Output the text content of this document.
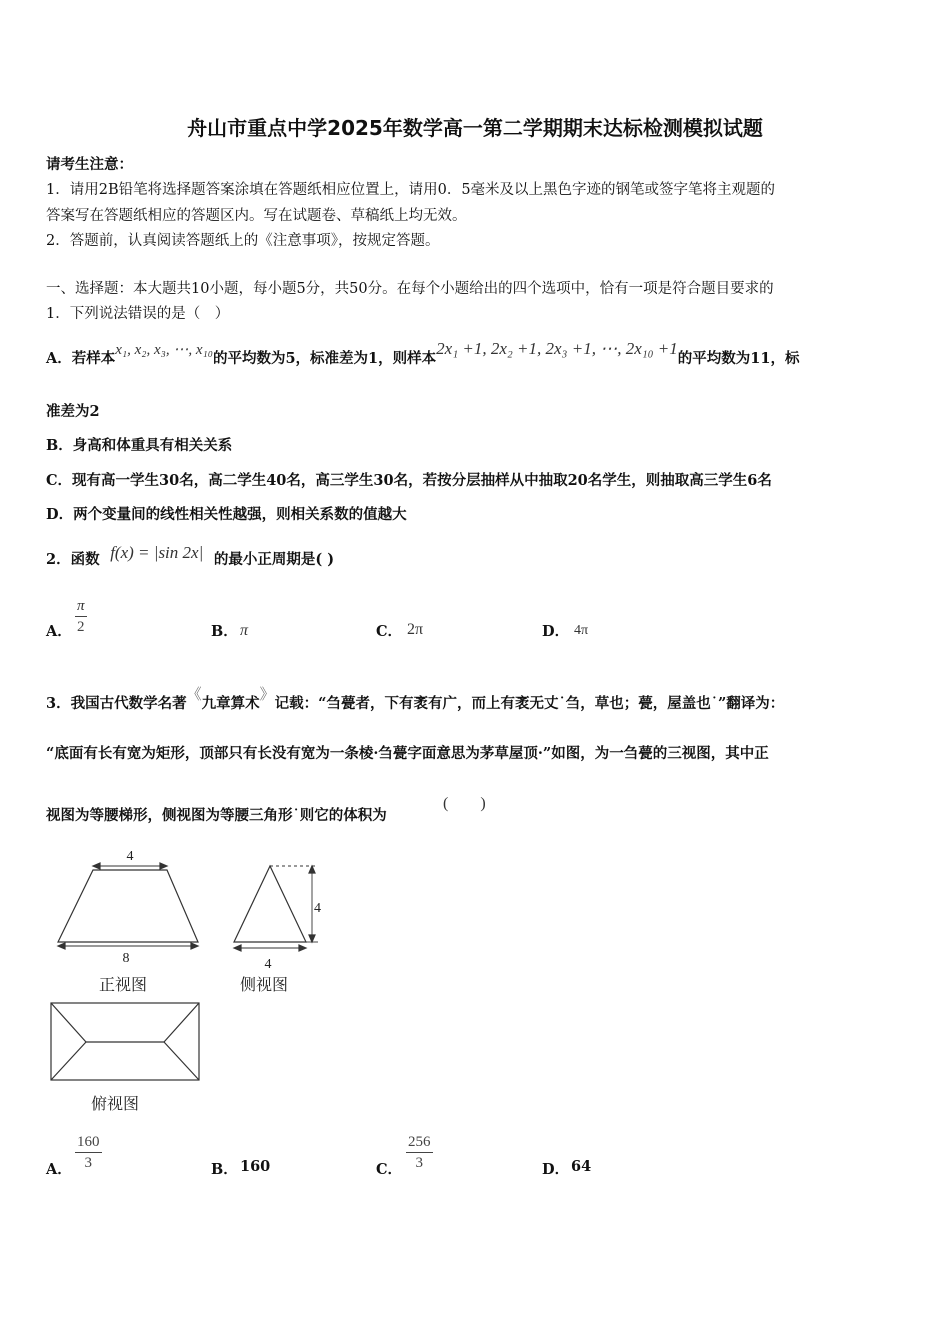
舟山市重点中学2025年数学高一第二学期期末达标检测模拟试题
请考生注意：
1．请用2B铅笔将选择题答案涂填在答题纸相应位置上，请用0．5毫米及以上黑色字迹的钢笔或签字笔将主观题的
答案写在答题纸相应的答题区内。写在试题卷、草稿纸上均无效。
2．答题前，认真阅读答题纸上的《注意事项》，按规定答题。
一、选择题：本大题共10小题，每小题5分，共50分。在每个小题给出的四个选项中，恰有一项是符合题目要求的
1．下列说法错误的是（　）
A．若样本x₁, x₂, x₃, ⋯, x₁₀的平均数为5，标准差为1，则样本2x₁ +1, 2x₂ +1, 2x₃ +1, ⋯, 2x₁₀ +1的平均数为11，标
准差为2
B．身高和体重具有相关关系
C．现有高一学生30名，高二学生40名，高三学生30名，若按分层抽样从中抽取20名学生，则抽取高三学生6名
D．两个变量间的线性相关性越强，则相关系数的值越大
2．函数 f(x) = |sin 2x| 的最小正周期是( )
A． $\frac{\pi}{2}$	B． π	C． 2π	D． 4π
3．我国古代数学名著《九章算术》记载：“刍甍者，下有袤有广，而上有袤无丈˙刍，草也；甍，屋盖也˙”翻译为：
“底面有长有宽为矩形，顶部只有长没有宽为一条棱·刍甍字面意思为茅草屋顶·”如图，为一刍甍的三视图，其中正
视图为等腰梯形，侧视图为等腰三角形˙则它的体积为
(　　)
4
8
4
4
正视图	侧视图
俯视图
A． $\frac{160}{3}$	B． 160	C． $\frac{256}{3}$	D． 64
